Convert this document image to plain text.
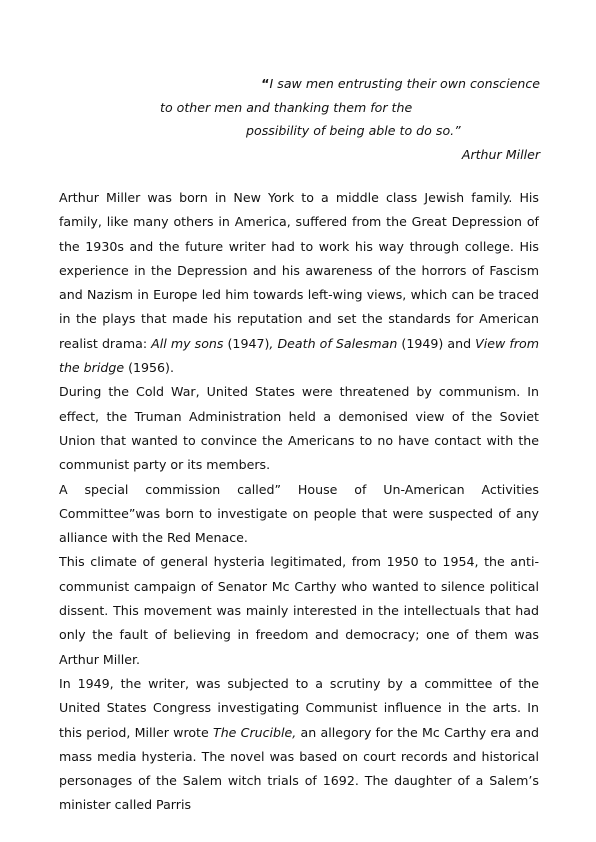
“I saw men entrusting their own conscience
to other men and thanking them for the
possibility of being able to do so.”
Arthur Miller

Arthur Miller was born in New York to a middle class Jewish family. His family, like many others in America, suffered from the Great Depression of the 1930s and the future writer had to work his way through college. His experience in the Depression and his awareness of the horrors of Fascism and Nazism in Europe led him towards left-wing views, which can be traced in the plays that made his reputation and set the standards for American realist drama: All my sons (1947), Death of Salesman (1949) and View from the bridge (1956).

During the Cold War, United States were threatened by communism. In effect, the Truman Administration held a demonised view of the Soviet Union that wanted to convince the Americans to no have contact with the communist party or its members.

A special commission called” House of Un-American Activities Committee”was born to investigate on people that were suspected of any alliance with the Red Menace.

This climate of general hysteria legitimated, from 1950 to 1954, the anti-communist campaign of Senator Mc Carthy who wanted to silence political dissent. This movement was mainly interested in the intellectuals that had only the fault of believing in freedom and democracy; one of them was Arthur Miller.

In 1949, the writer, was subjected to a scrutiny by a committee of the United States Congress investigating Communist influence in the arts. In this period, Miller wrote The Crucible, an allegory for the Mc Carthy era and mass media hysteria. The novel was based on court records and historical personages of the Salem witch trials of 1692. The daughter of a Salem’s minister called Parris
